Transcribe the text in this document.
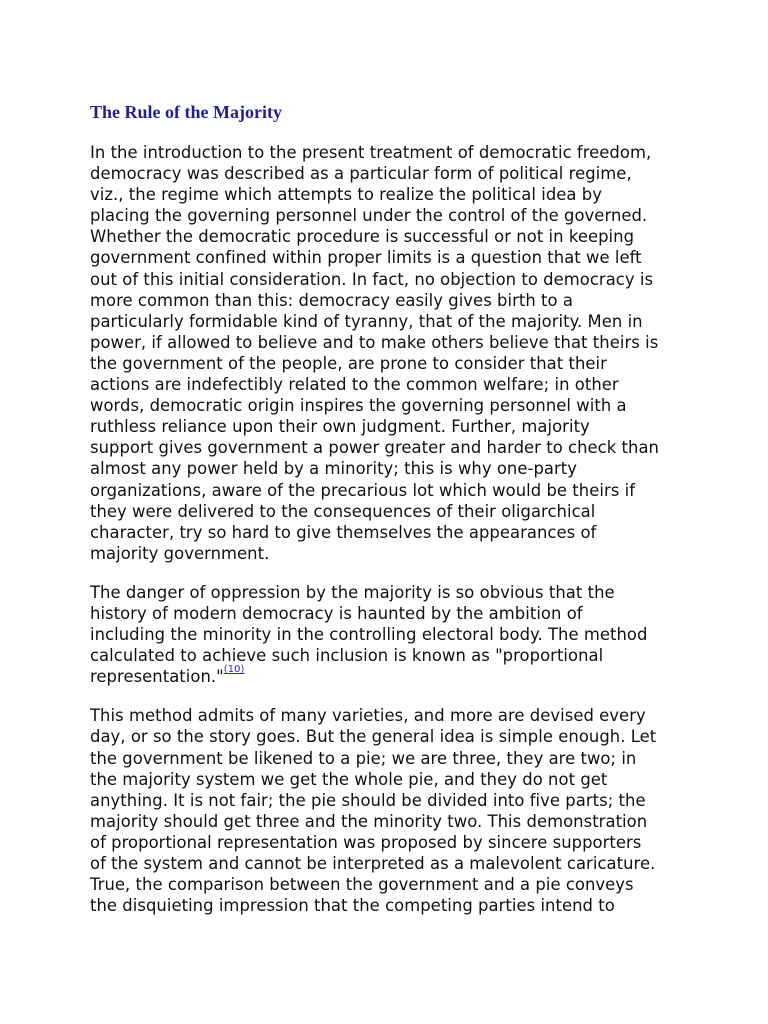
The Rule of the Majority
In the introduction to the present treatment of democratic freedom,
democracy was described as a particular form of political regime,
viz., the regime which attempts to realize the political idea by
placing the governing personnel under the control of the governed.
Whether the democratic procedure is successful or not in keeping
government confined within proper limits is a question that we left
out of this initial consideration. In fact, no objection to democracy is
more common than this: democracy easily gives birth to a
particularly formidable kind of tyranny, that of the majority. Men in
power, if allowed to believe and to make others believe that theirs is
the government of the people, are prone to consider that their
actions are indefectibly related to the common welfare; in other
words, democratic origin inspires the governing personnel with a
ruthless reliance upon their own judgment. Further, majority
support gives government a power greater and harder to check than
almost any power held by a minority; this is why one-party
organizations, aware of the precarious lot which would be theirs if
they were delivered to the consequences of their oligarchical
character, try so hard to give themselves the appearances of
majority government.
The danger of oppression by the majority is so obvious that the
history of modern democracy is haunted by the ambition of
including the minority in the controlling electoral body. The method
calculated to achieve such inclusion is known as "proportional
representation."$^{(10)}$
This method admits of many varieties, and more are devised every
day, or so the story goes. But the general idea is simple enough. Let
the government be likened to a pie; we are three, they are two; in
the majority system we get the whole pie, and they do not get
anything. It is not fair; the pie should be divided into five parts; the
majority should get three and the minority two. This demonstration
of proportional representation was proposed by sincere supporters
of the system and cannot be interpreted as a malevolent caricature.
True, the comparison between the government and a pie conveys
the disquieting impression that the competing parties intend to
